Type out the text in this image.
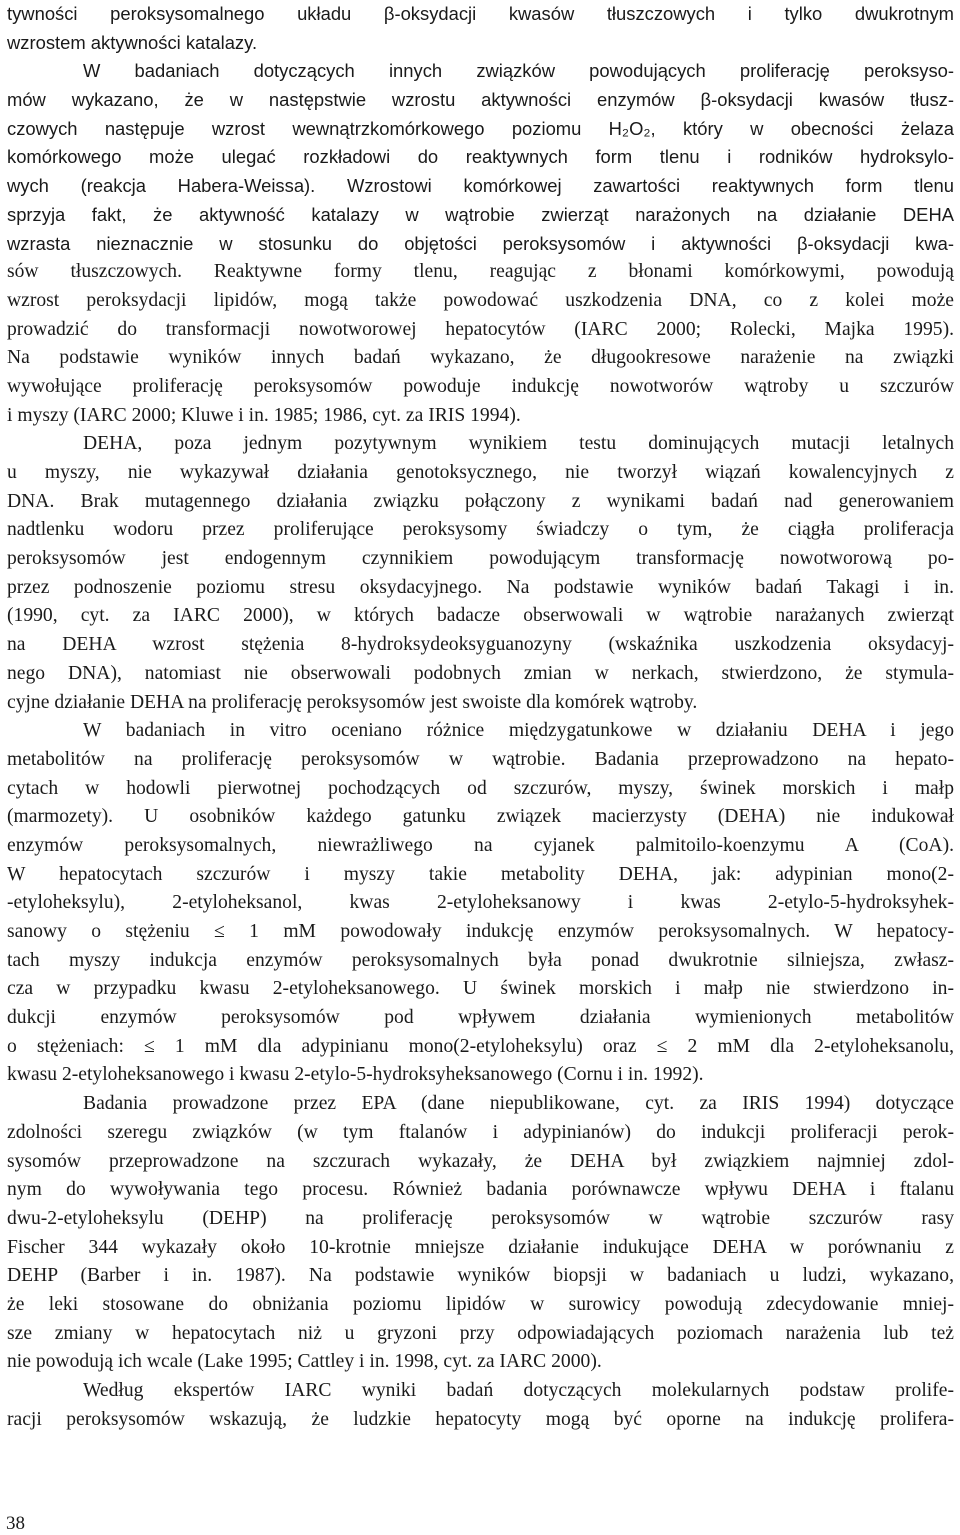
tywności peroksysomalnego układu β-oksydacji kwasów tłuszczowych i tylko dwukrotnym
wzrostem aktywności katalazy.
W badaniach dotyczących innych związków powodujących proliferację peroksyso-
mów wykazano, że w następstwie wzrostu aktywności enzymów β-oksydacji kwasów tłusz-
czowych następuje wzrost wewnątrzkomórkowego poziomu H₂O₂, który w obecności żelaza
komórkowego może ulegać rozkładowi do reaktywnych form tlenu i rodników hydroksylo-
wych (reakcja Habera-Weissa). Wzrostowi komórkowej zawartości reaktywnych form tlenu
sprzyja fakt, że aktywność katalazy w wątrobie zwierząt narażonych na działanie DEHA
wzrasta nieznacznie w stosunku do objętości peroksysomów i aktywności β-oksydacji kwa-
sów tłuszczowych. Reaktywne formy tlenu, reagując z błonami komórkowymi, powodują
wzrost peroksydacji lipidów, mogą także powodować uszkodzenia DNA, co z kolei może
prowadzić do transformacji nowotworowej hepatocytów (IARC 2000; Rolecki, Majka 1995).
Na podstawie wyników innych badań wykazano, że długookresowe narażenie na związki
wywołujące proliferację peroksysomów powoduje indukcję nowotworów wątroby u szczurów
i myszy (IARC 2000; Kluwe i in. 1985; 1986, cyt. za IRIS 1994).
DEHA, poza jednym pozytywnym wynikiem testu dominujących mutacji letalnych
u myszy, nie wykazywał działania genotoksycznego, nie tworzył wiązań kowalencyjnych z
DNA. Brak mutagennego działania związku połączony z wynikami badań nad generowaniem
nadtlenku wodoru przez proliferujące peroksysomy świadczy o tym, że ciągła proliferacja
peroksysomów jest endogennym czynnikiem powodującym transformację nowotworową po-
przez podnoszenie poziomu stresu oksydacyjnego. Na podstawie wyników badań Takagi i in.
(1990, cyt. za IARC 2000), w których badacze obserwowali w wątrobie narażanych zwierząt
na DEHA wzrost stężenia 8-hydroksydeoksyguanozyny (wskaźnika uszkodzenia oksydacyj-
nego DNA), natomiast nie obserwowali podobnych zmian w nerkach, stwierdzono, że stymula-
cyjne działanie DEHA na proliferację peroksysomów jest swoiste dla komórek wątroby.
W badaniach in vitro oceniano różnice międzygatunkowe w działaniu DEHA i jego
metabolitów na proliferację peroksysomów w wątrobie. Badania przeprowadzono na hepato-
cytach w hodowli pierwotnej pochodzących od szczurów, myszy, świnek morskich i małp
(marmozety). U osobników każdego gatunku związek macierzysty (DEHA) nie indukował
enzymów peroksysomalnych, niewrażliwego na cyjanek palmitoilo-koenzymu A (CoA).
W hepatocytach szczurów i myszy takie metabolity DEHA, jak: adypinian mono(2-
-etyloheksylu), 2-etyloheksanol, kwas 2-etyloheksanowy i kwas 2-etylo-5-hydroksyhek-
sanowy o stężeniu ≤ 1 mM powodowały indukcję enzymów peroksysomalnych. W hepatocy-
tach myszy indukcja enzymów peroksysomalnych była ponad dwukrotnie silniejsza, zwłasz-
cza w przypadku kwasu 2-etyloheksanowego. U świnek morskich i małp nie stwierdzono in-
dukcji enzymów peroksysomów pod wpływem działania wymienionych metabolitów
o stężeniach: ≤ 1 mM dla adypinianu mono(2-etyloheksylu) oraz ≤ 2 mM dla 2-etyloheksanolu,
kwasu 2-etyloheksanowego i kwasu 2-etylo-5-hydroksyheksanowego (Cornu i in. 1992).
Badania prowadzone przez EPA (dane niepublikowane, cyt. za IRIS 1994) dotyczące
zdolności szeregu związków (w tym ftalanów i adypinianów) do indukcji proliferacji perok-
sysomów przeprowadzone na szczurach wykazały, że DEHA był związkiem najmniej zdol-
nym do wywoływania tego procesu. Również badania porównawcze wpływu DEHA i ftalanu
dwu-2-etyloheksylu (DEHP) na proliferację peroksysomów w wątrobie szczurów rasy
Fischer 344 wykazały około 10-krotnie mniejsze działanie indukujące DEHA w porównaniu z
DEHP (Barber i in. 1987). Na podstawie wyników biopsji w badaniach u ludzi, wykazano,
że leki stosowane do obniżania poziomu lipidów w surowicy powodują zdecydowanie mniej-
sze zmiany w hepatocytach niż u gryzoni przy odpowiadających poziomach narażenia lub też
nie powodują ich wcale (Lake 1995; Cattley i in. 1998, cyt. za IARC 2000).
Według ekspertów IARC wyniki badań dotyczących molekularnych podstaw prolife-
racji peroksysomów wskazują, że ludzkie hepatocyty mogą być oporne na indukcję prolifera-
38
